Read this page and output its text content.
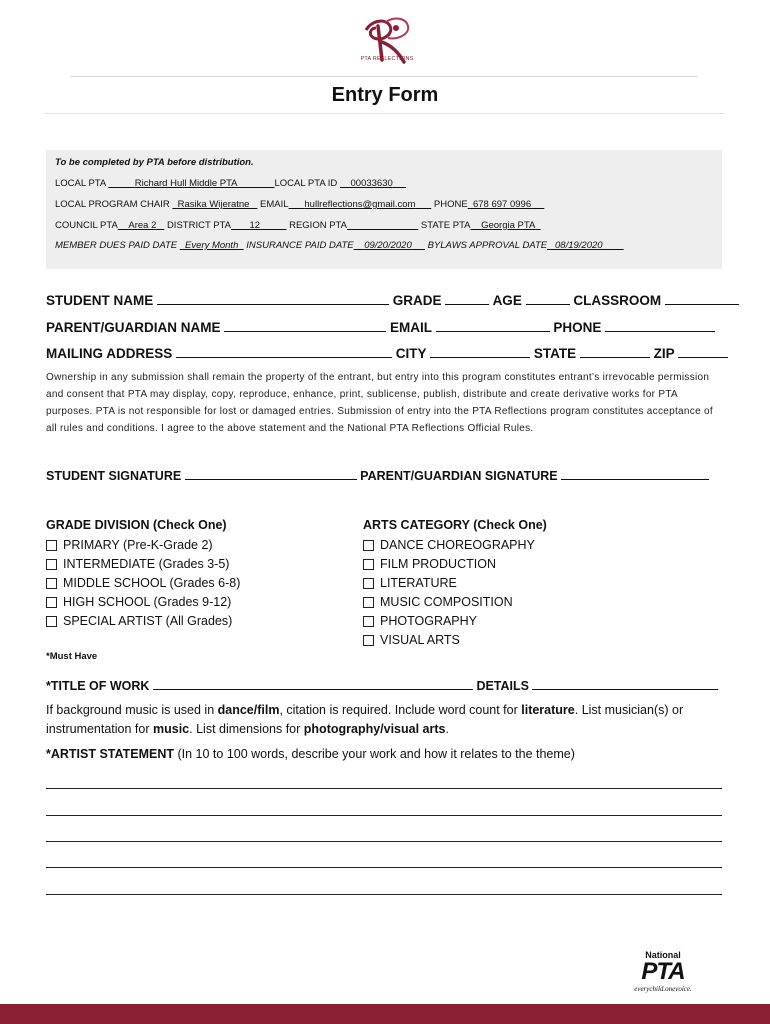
PTA REFLECTIONS
Entry Form
To be completed by PTA before distribution.
LOCAL PTA	Richard Hull Middle PTA	LOCAL PTA ID 00033630
LOCAL PROGRAM CHAIR Rasika Wijeratne EMAIL hullreflections@gmail.com PHONE 678 697 0996
COUNCIL PTA Area 2 DISTRICT PTA 12	REGION PTA	STATE PTA Georgia PTA
MEMBER DUES PAID DATE Every Month INSURANCE PAID DATE 09/20/2020 BYLAWS APPROVAL DATE 08/19/2020
STUDENT NAME	GRADE	AGE	CLASSROOM
PARENT/GUARDIAN NAME	EMAIL	PHONE
MAILING ADDRESS	CITY	STATE	ZIP
Ownership in any submission shall remain the property of the entrant, but entry into this program constitutes entrant’s irrevocable permission and consent that PTA may display, copy, reproduce, enhance, print, sublicense, publish, distribute and create derivative works for PTA purposes. PTA is not responsible for lost or damaged entries. Submission of entry into the PTA Reflections program constitutes acceptance of all rules and conditions. I agree to the above statement and the National PTA Reflections Official Rules.
STUDENT SIGNATURE	PARENT/GUARDIAN SIGNATURE
GRADE DIVISION (Check One)
PRIMARY (Pre-K-Grade 2)
INTERMEDIATE (Grades 3-5)
MIDDLE SCHOOL (Grades 6-8)
HIGH SCHOOL (Grades 9-12)
SPECIAL ARTIST (All Grades)
ARTS CATEGORY (Check One)
DANCE CHOREOGRAPHY
FILM PRODUCTION
LITERATURE
MUSIC COMPOSITION
PHOTOGRAPHY
VISUAL ARTS
*Must Have
*TITLE OF WORK	DETAILS
If background music is used in dance/film, citation is required. Include word count for literature. List musician(s) or instrumentation for music. List dimensions for photography/visual arts.
*ARTIST STATEMENT (In 10 to 100 words, describe your work and how it relates to the theme)
National
PTA
everychild.onevoice.
